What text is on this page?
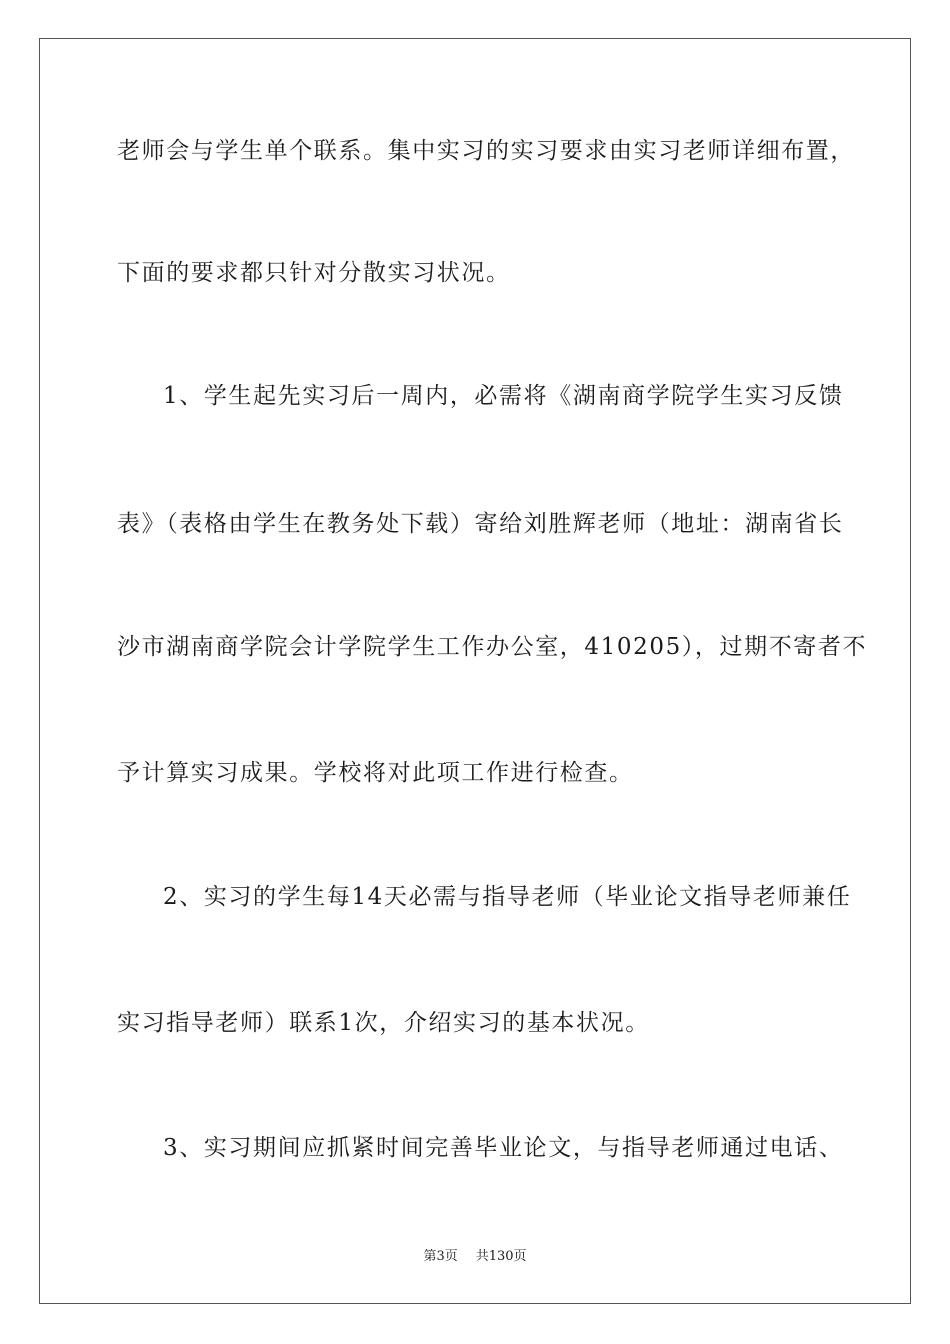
老师会与学生单个联系。集中实习的实习要求由实习老师详细布置，
下面的要求都只针对分散实习状况。
1、学生起先实习后一周内，必需将《湖南商学院学生实习反馈
表》（表格由学生在教务处下载）寄给刘胜辉老师（地址：湖南省长
沙市湖南商学院会计学院学生工作办公室，410205），过期不寄者不
予计算实习成果。学校将对此项工作进行检查。
2、实习的学生每14天必需与指导老师（毕业论文指导老师兼任
实习指导老师）联系1次，介绍实习的基本状况。
3、实习期间应抓紧时间完善毕业论文，与指导老师通过电话、
第3页 共130页
